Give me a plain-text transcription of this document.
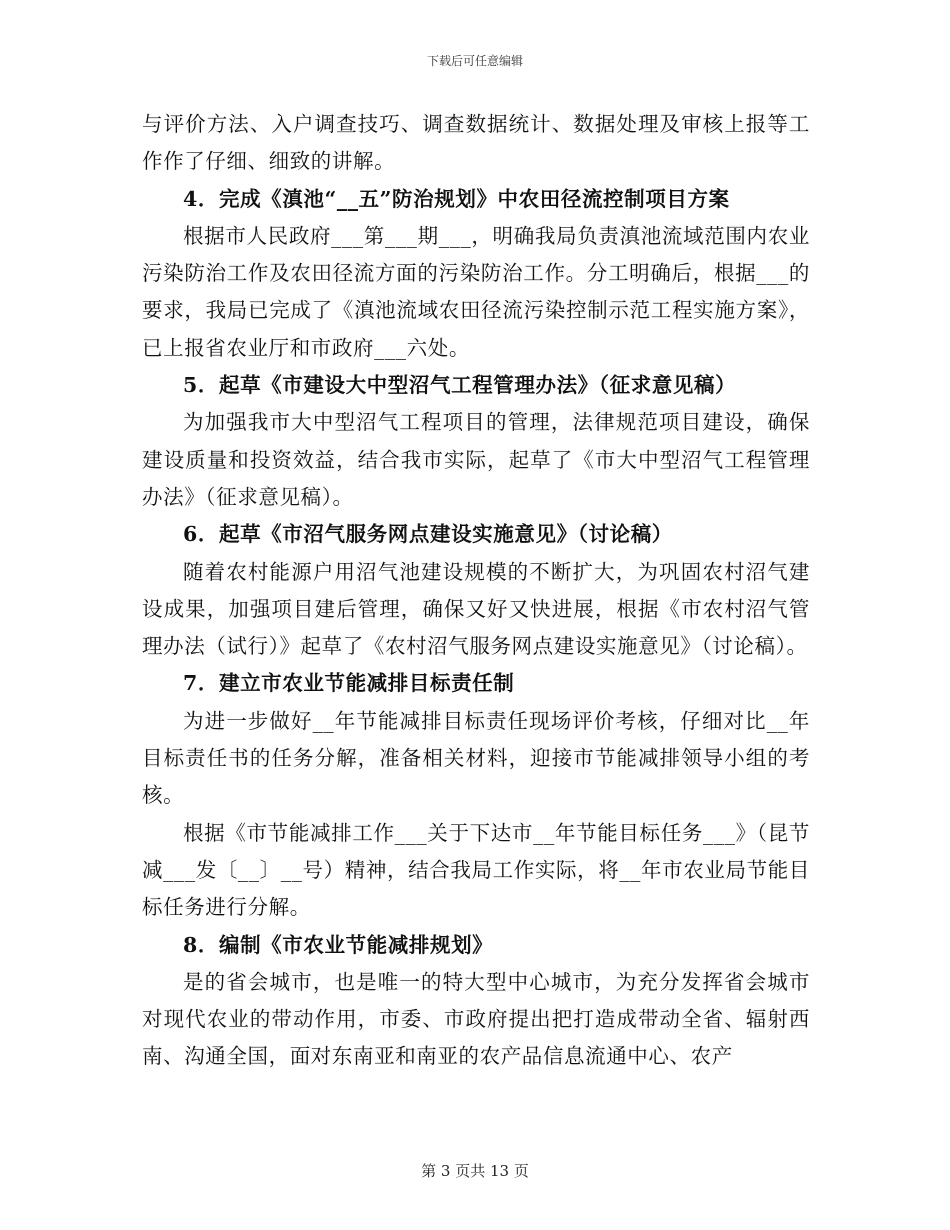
下载后可任意编辑

与评价方法、入户调查技巧、调查数据统计、数据处理及审核上报等工作作了仔细、细致的讲解。

4．完成《滇池“__五”防治规划》中农田径流控制项目方案

根据市人民政府___第___期___，明确我局负责滇池流域范围内农业污染防治工作及农田径流方面的污染防治工作。分工明确后，根据___的要求，我局已完成了《滇池流域农田径流污染控制示范工程实施方案》，已上报省农业厅和市政府___六处。

5．起草《市建设大中型沼气工程管理办法》（征求意见稿）

为加强我市大中型沼气工程项目的管理，法律规范项目建设，确保建设质量和投资效益，结合我市实际，起草了《市大中型沼气工程管理办法》（征求意见稿）。

6．起草《市沼气服务网点建设实施意见》（讨论稿）

随着农村能源户用沼气池建设规模的不断扩大，为巩固农村沼气建设成果，加强项目建后管理，确保又好又快进展，根据《市农村沼气管理办法（试行）》起草了《农村沼气服务网点建设实施意见》（讨论稿）。

7．建立市农业节能减排目标责任制

为进一步做好__年节能减排目标责任现场评价考核，仔细对比__年目标责任书的任务分解，准备相关材料，迎接市节能减排领导小组的考核。

根据《市节能减排工作___关于下达市__年节能目标任务___》（昆节减___发〔__〕__号）精神，结合我局工作实际，将__年市农业局节能目标任务进行分解。

8．编制《市农业节能减排规划》

是的省会城市，也是唯一的特大型中心城市，为充分发挥省会城市对现代农业的带动作用，市委、市政府提出把打造成带动全省、辐射西南、沟通全国，面对东南亚和南亚的农产品信息流通中心、农产

第 3 页共 13 页
